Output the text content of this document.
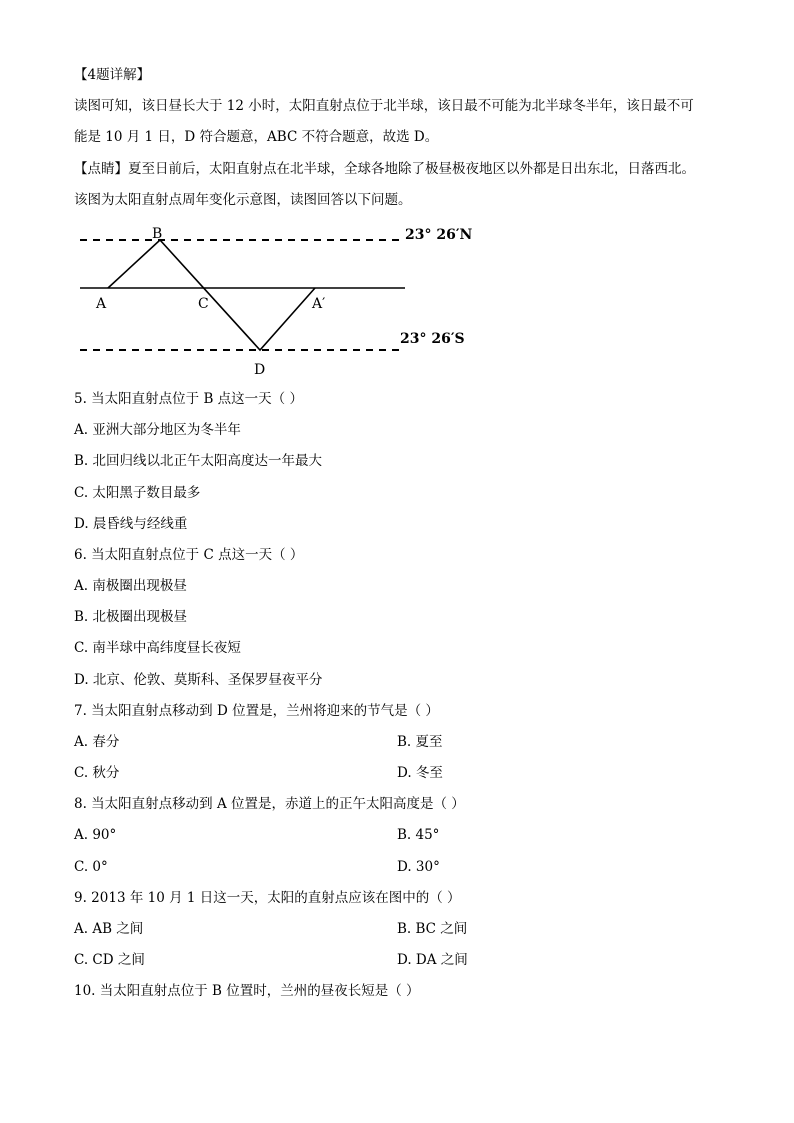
【4题详解】
读图可知，该日昼长大于 12 小时，太阳直射点位于北半球，该日最不可能为北半球冬半年，该日最不可
能是 10 月 1 日，D 符合题意，ABC 不符合题意，故选 D。
【点睛】夏至日前后，太阳直射点在北半球，全球各地除了极昼极夜地区以外都是日出东北，日落西北。
该图为太阳直射点周年变化示意图，读图回答以下问题。
B
A	C	A′
D
23° 26′N
23° 26′S
5. 当太阳直射点位于 B 点这一天（ ）
A. 亚洲大部分地区为冬半年
B. 北回归线以北正午太阳高度达一年最大
C. 太阳黑子数目最多
D. 晨昏线与经线重
6. 当太阳直射点位于 C 点这一天（ ）
A. 南极圈出现极昼
B. 北极圈出现极昼
C. 南半球中高纬度昼长夜短
D. 北京、伦敦、莫斯科、圣保罗昼夜平分
7. 当太阳直射点移动到 D 位置是，兰州将迎来的节气是（ ）
A. 春分	B. 夏至
C. 秋分	D. 冬至
8. 当太阳直射点移动到 A 位置是，赤道上的正午太阳高度是（ ）
A. 90°	B. 45°
C. 0°	D. 30°
9. 2013 年 10 月 1 日这一天，太阳的直射点应该在图中的（ ）
A. AB 之间	B. BC 之间
C. CD 之间	D. DA 之间
10. 当太阳直射点位于 B 位置时，兰州的昼夜长短是（ ）
